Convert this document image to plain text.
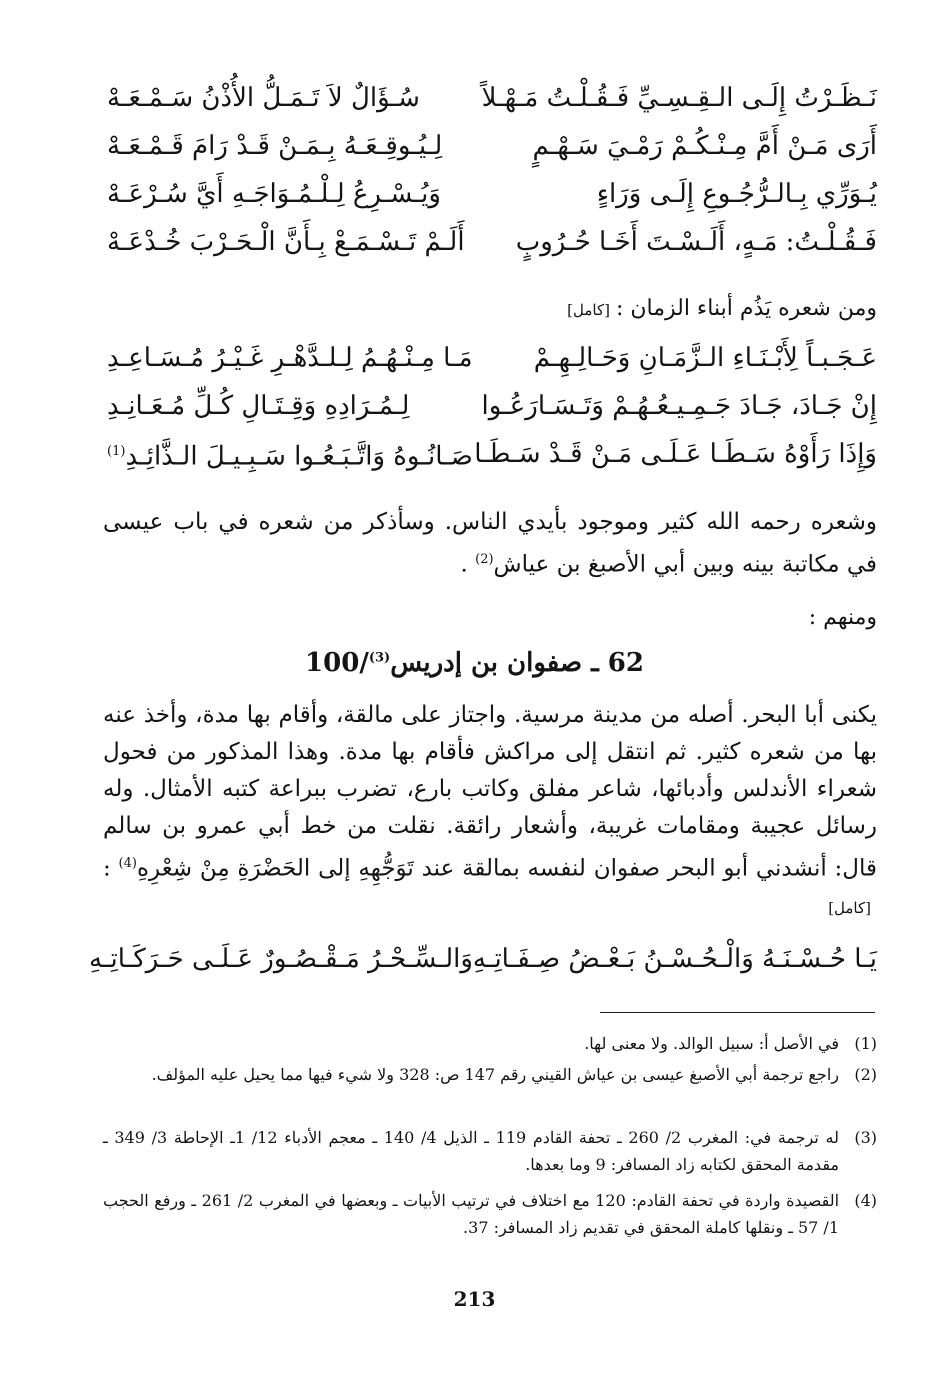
نَـظَـرْتُ إِلَـى الـقِـسِـيِّ فَـقُـلْـتُ مَـهْـلاً
سُـؤَالٌ لاَ تَـمَـلُّ الأُذْنُ سَـمْـعَـهْ
أَرَى مَـنْ أَمَّ مِـنْـكُـمْ رَمْـيَ سَـهْـمٍ
لِـيُـوقِـعَـهُ بِـمَـنْ قَـدْ رَامَ قَـمْـعَـهْ
يُـوَرِّي بِـالـرُّجُـوعِ إِلَـى وَرَاءٍ
وَيُـسْـرِعُ لِـلْـمُـوَاجَـهِ أَيَّ سُـرْعَـهْ
فَـقُـلْـتُ: مَـهٍ، أَلَـسْـتَ أَخَـا حُـرُوبٍ
أَلَـمْ تَـسْـمَـعْ بِـأَنَّ الْـحَـرْبَ خُـدْعَـهْ
ومن شعره يَذُم أبناء الزمان :[كامل]
عَـجَـبـاً لِأَبْـنَـاءِ الـزَّمَـانِ وَحَـالِـهِـمْ
مَـا مِـنْـهُـمُ لِـلـدَّهْـرِ غَـيْـرُ مُـسَـاعِـدِ
إِنْ جَـادَ، جَـادَ جَـمِـيـعُـهُـمْ وَتَـسَـارَعُـوا
لِـمُـرَادِهِ وَقِـتَـالِ كُـلِّ مُـعَـانِـدِ
وَإِذَا رَأَوْهُ سَـطَـا عَـلَـى مَـنْ قَـدْ سَـطَـا
صَـانُـوهُ وَاتَّـبَـعُـوا سَـبِـيـلَ الـذَّائِـدِ$^{(1)}$
وشعره رحمه الله كثير وموجود بأيدي الناس. وسأذكر من شعره في باب عيسى في مكاتبة بينه وبين أبي الأصبغ بن عياش$^{(2)}$ .
ومنهم :
62 ـ صفوان بن إدريس$^{(3)}$/100
يكنى أبا البحر. أصله من مدينة مرسية. واجتاز على مالقة، وأقام بها مدة، وأخذ عنه بها من شعره كثير. ثم انتقل إلى مراكش فأقام بها مدة. وهذا المذكور من فحول شعراء الأندلس وأدبائها، شاعر مفلق وكاتب بارع، تضرب ببراعة كتبه الأمثال. وله رسائل عجيبة ومقامات غريبة، وأشعار رائقة. نقلت من خط أبي عمرو بن سالم قال: أنشدني أبو البحر صفوان لنفسه بمالقة عند تَوَجُّهِهِ إلى الحَضْرَةِ مِنْ شِعْرِهِ$^{(4)}$ : [كامل]
يَـا حُـسْـنَـهُ وَالْـحُـسْـنُ بَـعْـضُ صِـفَـاتِـهِ
وَالـسِّـحْـرُ مَـقْـصُـورٌ عَـلَـى حَـرَكَـاتِـهِ
(1)
في الأصل أ: سبيل الوالد. ولا معنى لها.
(2)
راجع ترجمة أبي الأصبغ عيسى بن عياش القيني رقم 147 ص: 328 ولا شيء فيها مما يحيل عليه المؤلف.
(3)
له ترجمة في: المغرب 2/ 260 ـ تحفة القادم 119 ـ الذيل 4/ 140 ـ معجم الأدباء 12/ 1ـ الإحاطة 3/ 349 ـ مقدمة المحقق لكتابه زاد المسافر: 9 وما بعدها.
(4)
القصيدة واردة في تحفة القادم: 120 مع اختلاف في ترتيب الأبيات ـ وبعضها في المغرب 2/ 261 ـ ورفع الحجب 1/ 57 ـ ونقلها كاملة المحقق في تقديم زاد المسافر: 37.
213
